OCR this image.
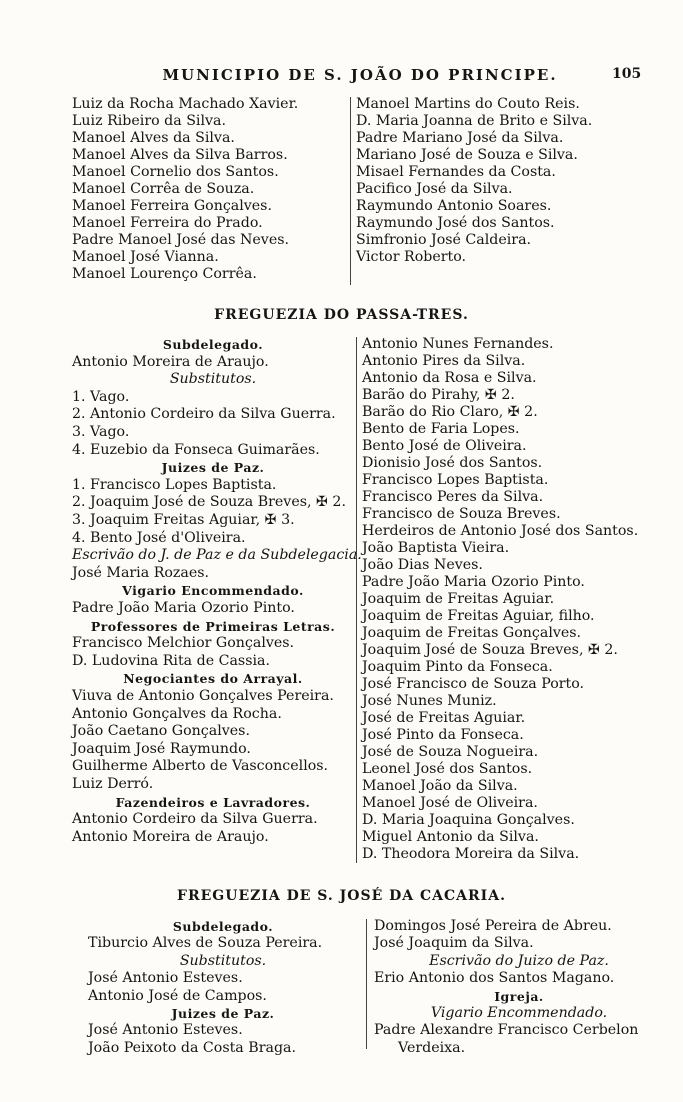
MUNICIPIO DE S. JOÃO DO PRINCIPE.	105
Luiz da Rocha Machado Xavier.
Luiz Ribeiro da Silva.
Manoel Alves da Silva.
Manoel Alves da Silva Barros.
Manoel Cornelio dos Santos.
Manoel Corrêa de Souza.
Manoel Ferreira Gonçalves.
Manoel Ferreira do Prado.
Padre Manoel José das Neves.
Manoel José Vianna.
Manoel Lourenço Corrêa.
Manoel Martins do Couto Reis.
D. Maria Joanna de Brito e Silva.
Padre Mariano José da Silva.
Mariano José de Souza e Silva.
Misael Fernandes da Costa.
Pacifico José da Silva.
Raymundo Antonio Soares.
Raymundo José dos Santos.
Simfronio José Caldeira.
Victor Roberto.
FREGUEZIA DO PASSA-TRES.
Subdelegado.
Antonio Moreira de Araujo.
Substitutos.
1. Vago.
2. Antonio Cordeiro da Silva Guerra.
3. Vago.
4. Euzebio da Fonseca Guimarães.
Juizes de Paz.
1. Francisco Lopes Baptista.
2. Joaquim José de Souza Breves, ✠ 2.
3. Joaquim Freitas Aguiar, ✠ 3.
4. Bento José d'Oliveira.
Escrivão do J. de Paz e da Subdelegacia.
José Maria Rozaes.
Vigario Encommendado.
Padre João Maria Ozorio Pinto.
Professores de Primeiras Letras.
Francisco Melchior Gonçalves.
D. Ludovina Rita de Cassia.
Negociantes do Arrayal.
Viuva de Antonio Gonçalves Pereira.
Antonio Gonçalves da Rocha.
João Caetano Gonçalves.
Joaquim José Raymundo.
Guilherme Alberto de Vasconcellos.
Luiz Derró.
Fazendeiros e Lavradores.
Antonio Cordeiro da Silva Guerra.
Antonio Moreira de Araujo.
Antonio Nunes Fernandes.
Antonio Pires da Silva.
Antonio da Rosa e Silva.
Barão do Pirahy, ✠ 2.
Barão do Rio Claro, ✠ 2.
Bento de Faria Lopes.
Bento José de Oliveira.
Dionisio José dos Santos.
Francisco Lopes Baptista.
Francisco Peres da Silva.
Francisco de Souza Breves.
Herdeiros de Antonio José dos Santos.
João Baptista Vieira.
João Dias Neves.
Padre João Maria Ozorio Pinto.
Joaquim de Freitas Aguiar.
Joaquim de Freitas Aguiar, filho.
Joaquim de Freitas Gonçalves.
Joaquim José de Souza Breves, ✠ 2.
Joaquim Pinto da Fonseca.
José Francisco de Souza Porto.
José Nunes Muniz.
José de Freitas Aguiar.
José Pinto da Fonseca.
José de Souza Nogueira.
Leonel José dos Santos.
Manoel João da Silva.
Manoel José de Oliveira.
D. Maria Joaquina Gonçalves.
Miguel Antonio da Silva.
D. Theodora Moreira da Silva.
FREGUEZIA DE S. JOSÉ DA CACARIA.
Subdelegado.
Tiburcio Alves de Souza Pereira.
Substitutos.
José Antonio Esteves.
Antonio José de Campos.
Juizes de Paz.
José Antonio Esteves.
João Peixoto da Costa Braga.
Domingos José Pereira de Abreu.
José Joaquim da Silva.
Escrivão do Juizo de Paz.
Erio Antonio dos Santos Magano.
Igreja.
Vigario Encommendado.
Padre Alexandre Francisco Cerbelon
Verdeixa.
